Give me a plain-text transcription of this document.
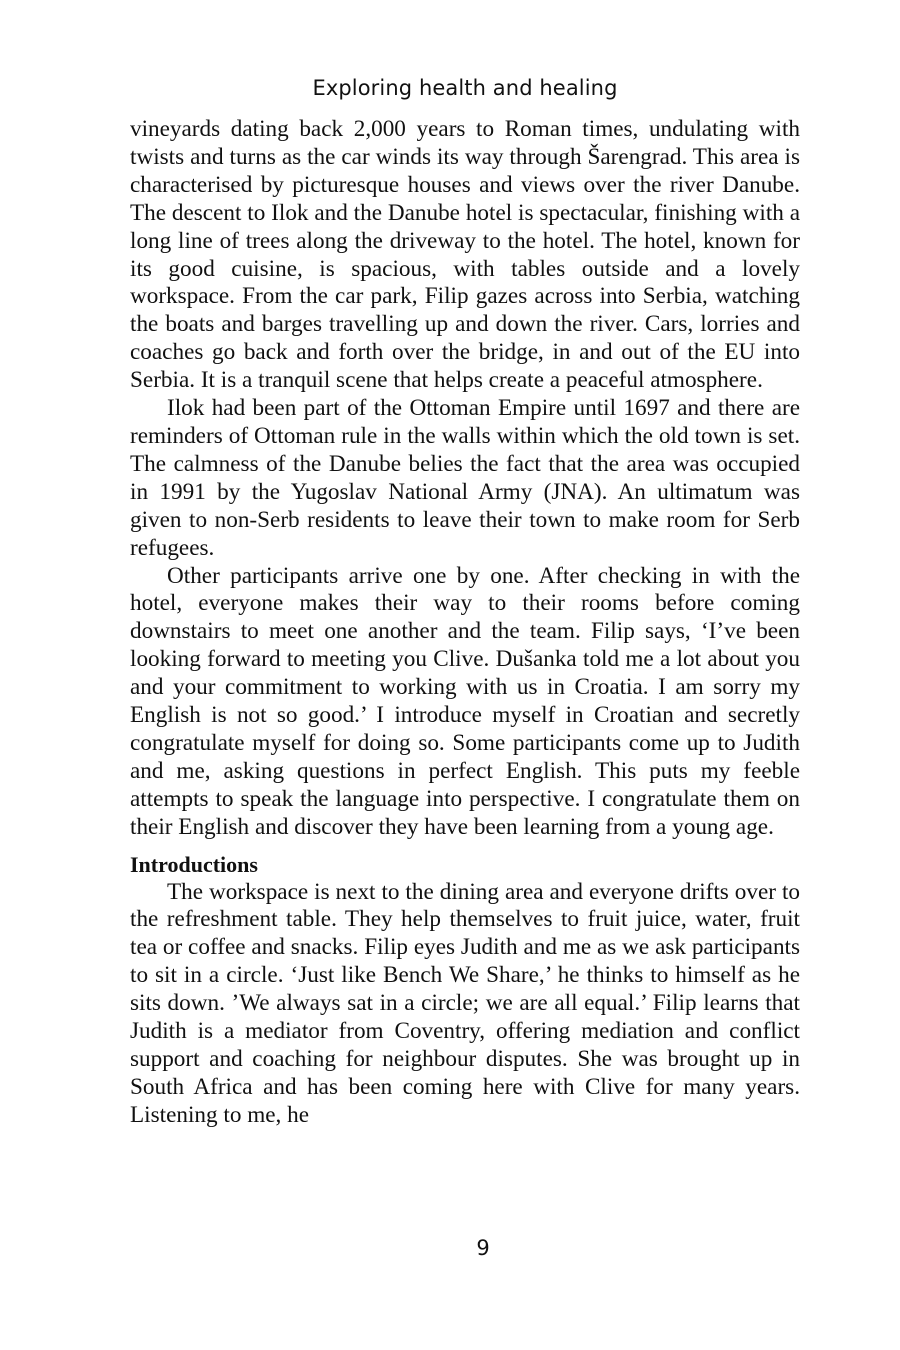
Exploring health and healing

vineyards dating back 2,000 years to Roman times, undulating with twists and turns as the car winds its way through Šarengrad. This area is characterised by picturesque houses and views over the river Danube. The descent to Ilok and the Danube hotel is spectacular, finishing with a long line of trees along the driveway to the hotel. The hotel, known for its good cuisine, is spacious, with tables outside and a lovely workspace. From the car park, Filip gazes across into Serbia, watching the boats and barges travelling up and down the river. Cars, lorries and coaches go back and forth over the bridge, in and out of the EU into Serbia. It is a tranquil scene that helps create a peaceful atmosphere.

Ilok had been part of the Ottoman Empire until 1697 and there are reminders of Ottoman rule in the walls within which the old town is set. The calmness of the Danube belies the fact that the area was occupied in 1991 by the Yugoslav National Army (JNA). An ultimatum was given to non-Serb residents to leave their town to make room for Serb refugees.

Other participants arrive one by one. After checking in with the hotel, everyone makes their way to their rooms before coming downstairs to meet one another and the team. Filip says, ‘I’ve been looking forward to meeting you Clive. Dušanka told me a lot about you and your commitment to working with us in Croatia. I am sorry my English is not so good.’ I introduce myself in Croatian and secretly congratulate myself for doing so. Some participants come up to Judith and me, asking questions in perfect English. This puts my feeble attempts to speak the language into perspective. I congratulate them on their English and discover they have been learning from a young age.

Introductions

The workspace is next to the dining area and everyone drifts over to the refreshment table. They help themselves to fruit juice, water, fruit tea or coffee and snacks. Filip eyes Judith and me as we ask participants to sit in a circle. ‘Just like Bench We Share,’ he thinks to himself as he sits down. ’We always sat in a circle; we are all equal.’ Filip learns that Judith is a mediator from Coventry, offering mediation and conflict support and coaching for neighbour disputes. She was brought up in South Africa and has been coming here with Clive for many years. Listening to me, he

9
